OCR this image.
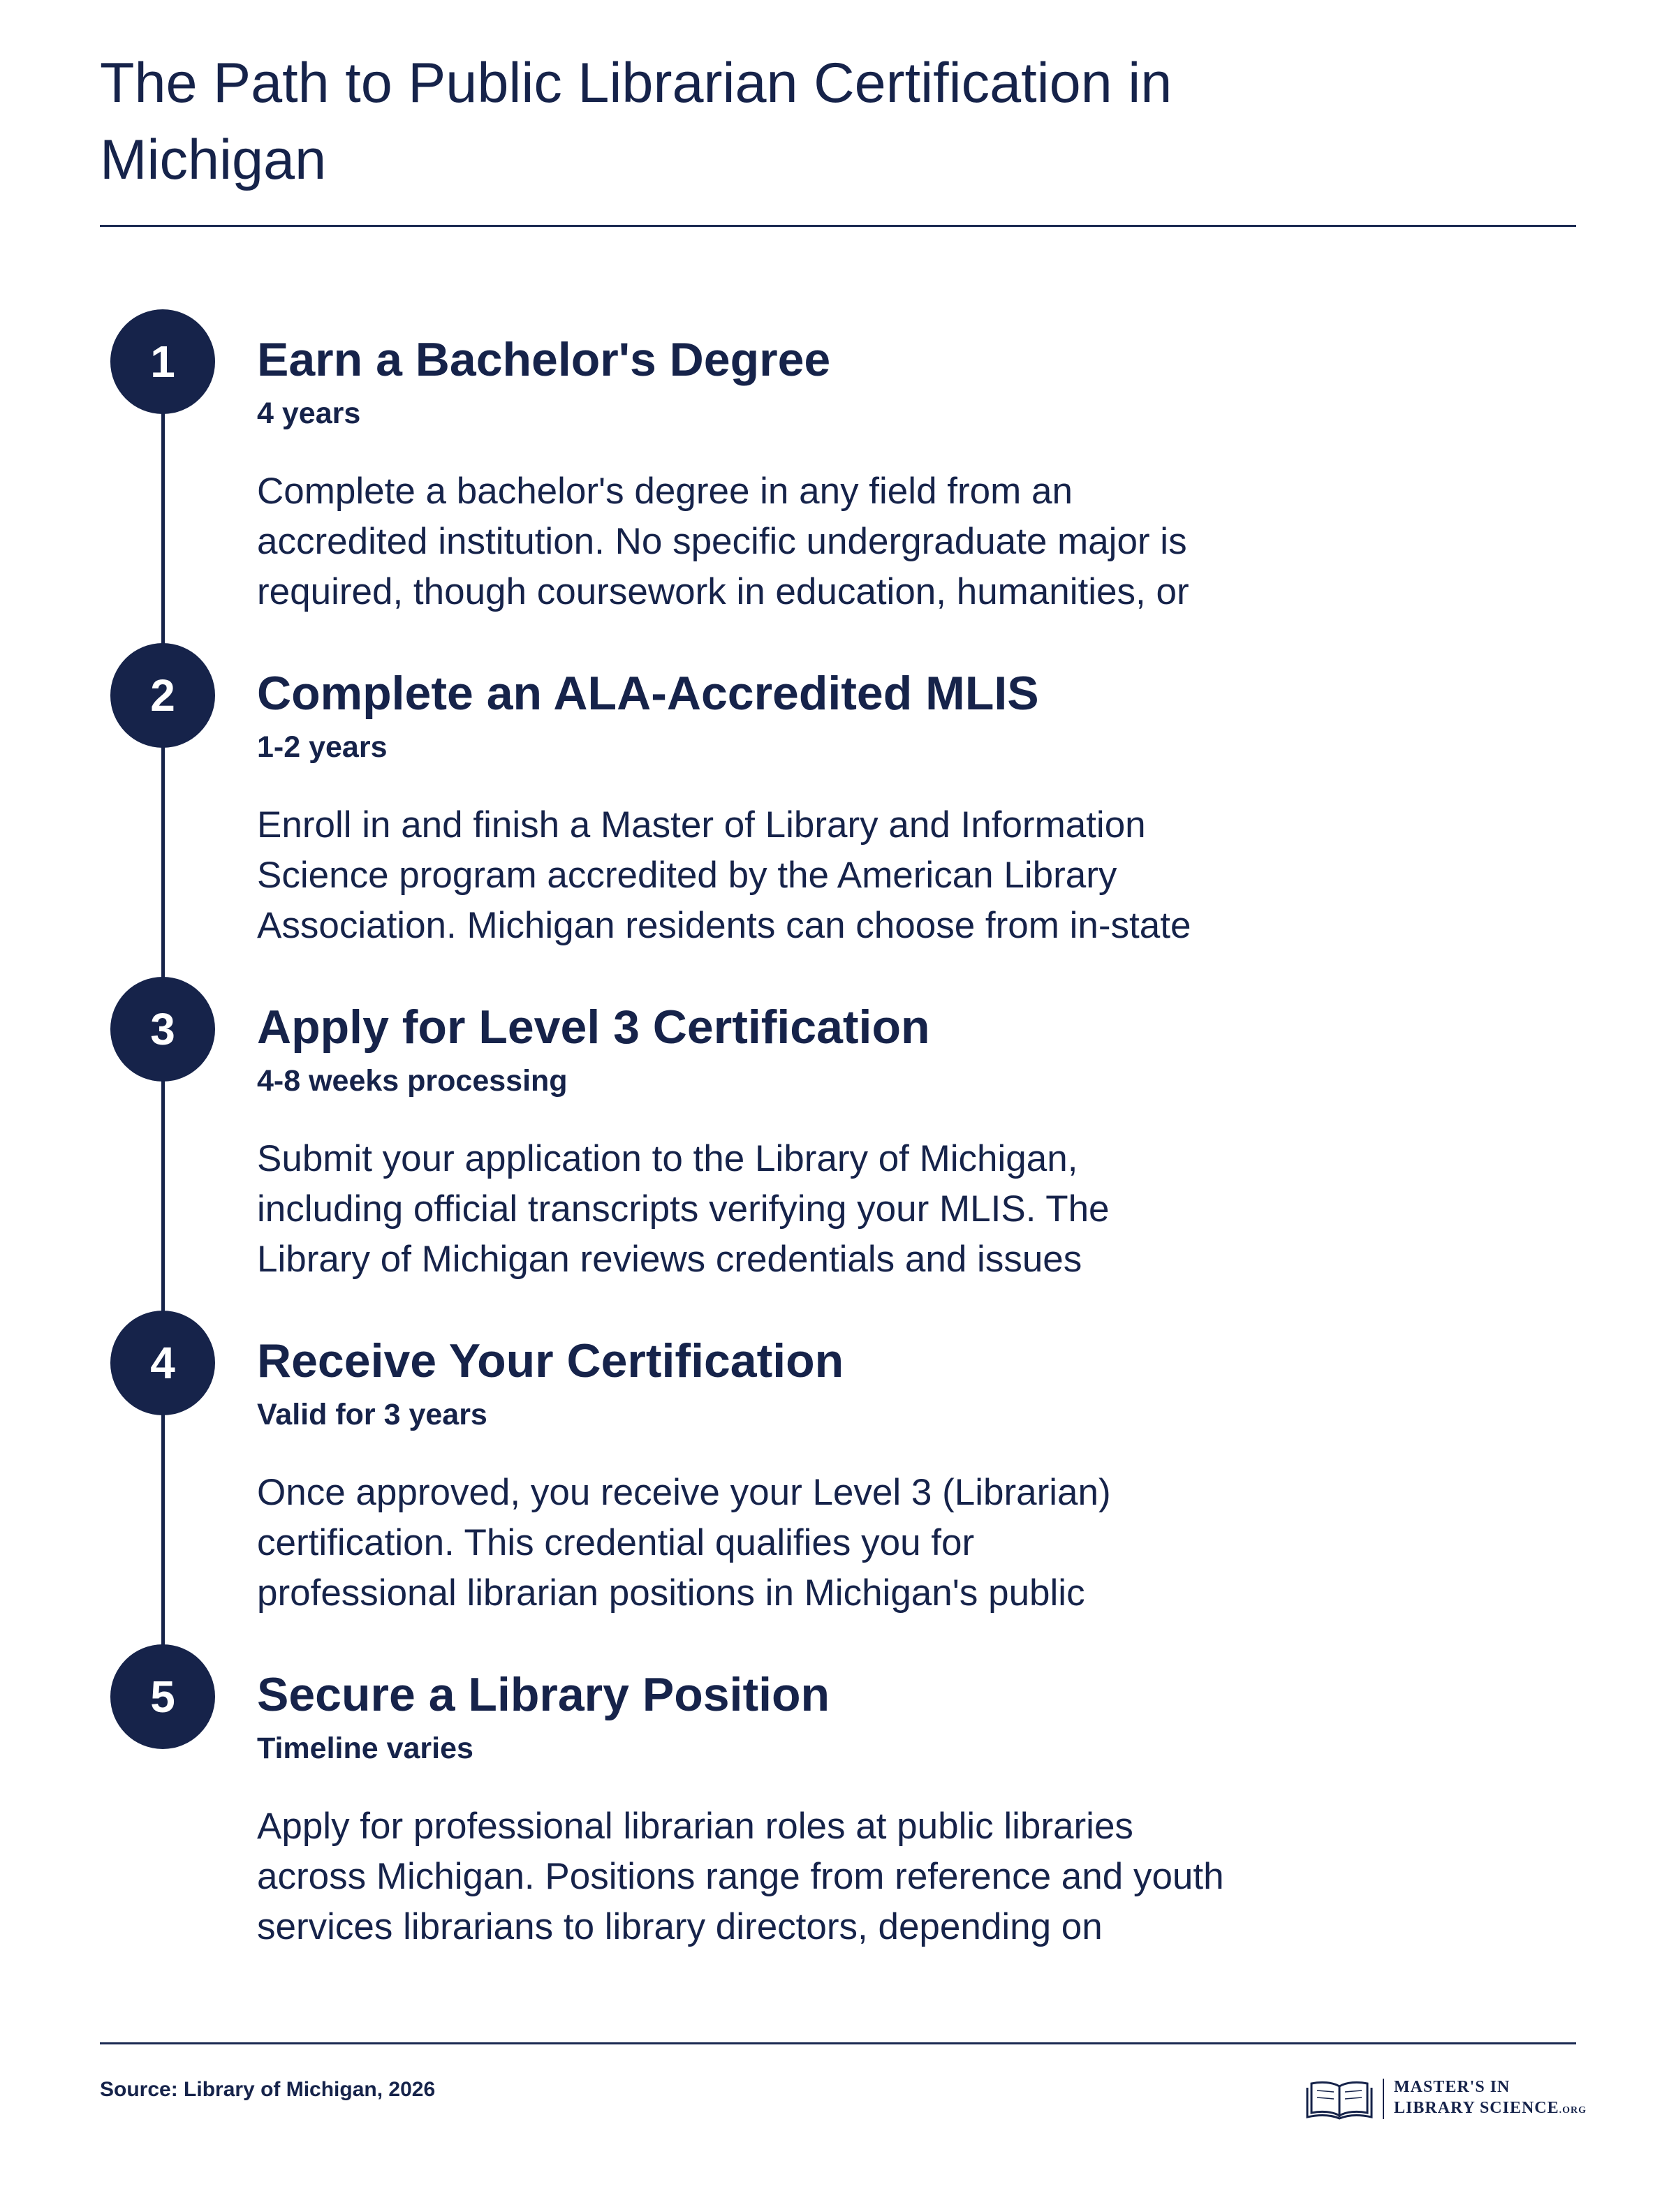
The Path to Public Librarian Certification in
Michigan
1	Earn a Bachelor's Degree
4 years
Complete a bachelor's degree in any field from an
accredited institution. No specific undergraduate major is
required, though coursework in education, humanities, or
2	Complete an ALA-Accredited MLIS
1-2 years
Enroll in and finish a Master of Library and Information
Science program accredited by the American Library
Association. Michigan residents can choose from in-state
3	Apply for Level 3 Certification
4-8 weeks processing
Submit your application to the Library of Michigan,
including official transcripts verifying your MLIS. The
Library of Michigan reviews credentials and issues
4	Receive Your Certification
Valid for 3 years
Once approved, you receive your Level 3 (Librarian)
certification. This credential qualifies you for
professional librarian positions in Michigan's public
5	Secure a Library Position
Timeline varies
Apply for professional librarian roles at public libraries
across Michigan. Positions range from reference and youth
services librarians to library directors, depending on
Source: Library of Michigan, 2026	MASTER'S IN
LIBRARY SCIENCE.ORG
